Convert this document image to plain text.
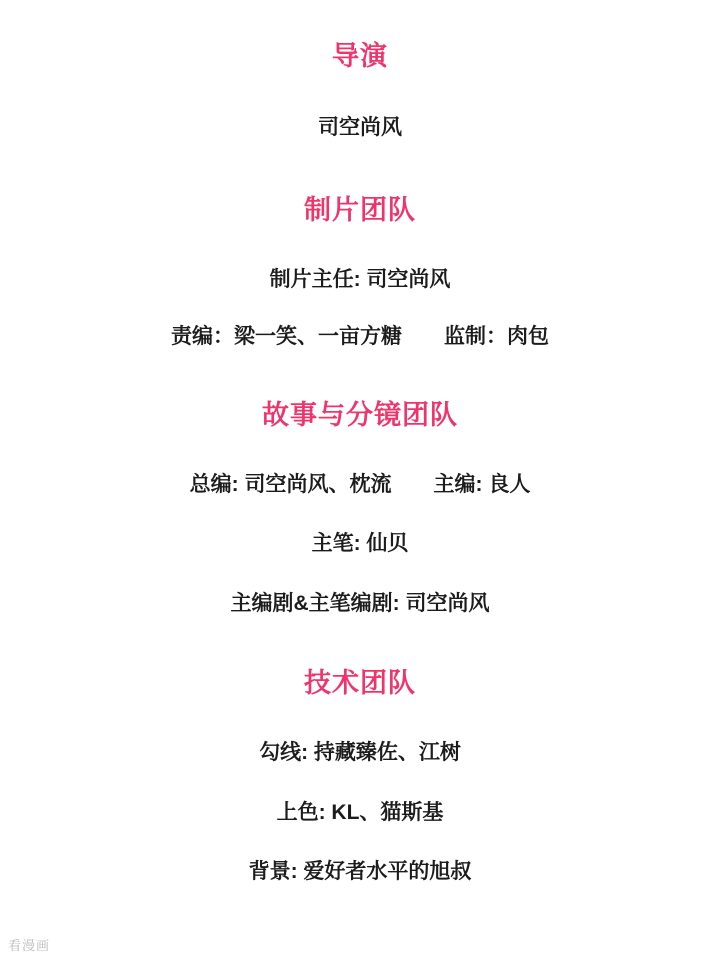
导演

司空尚风

制片团队

制片主任: 司空尚风

责编：梁一笑、一亩方糖　　监制：肉包

故事与分镜团队

总编: 司空尚风、枕流　　主编: 良人

主笔: 仙贝

主编剧&主笔编剧: 司空尚风

技术团队

勾线: 持藏臻佐、江树

上色: KL、猫斯基

背景: 爱好者水平的旭叔

看漫画
